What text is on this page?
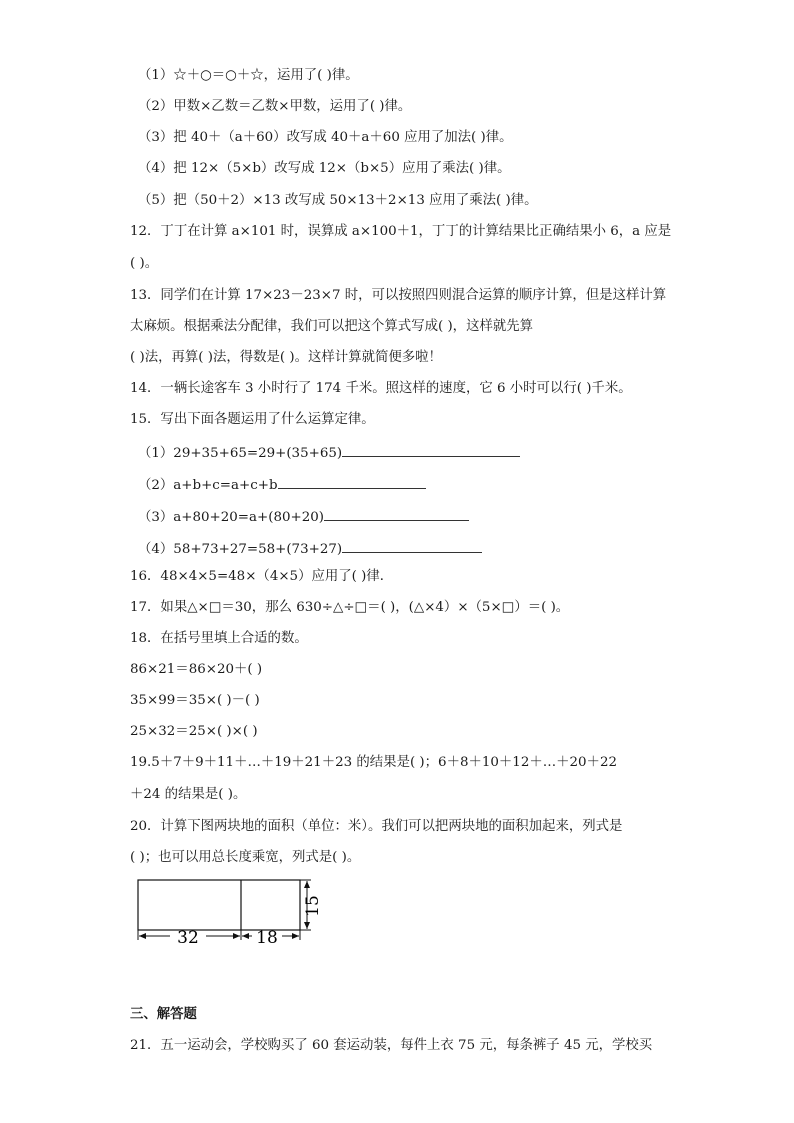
（1）☆＋○＝○＋☆，运用了( )律。
（2）甲数×乙数＝乙数×甲数，运用了( )律。
（3）把 40＋（a＋60）改写成 40＋a＋60 应用了加法( )律。
（4）把 12×（5×b）改写成 12×（b×5）应用了乘法( )律。
（5）把（50＋2）×13 改写成 50×13＋2×13 应用了乘法( )律。
12．丁丁在计算 a×101 时，误算成 a×100＋1，丁丁的计算结果比正确结果小 6，a 应是
( )。
13．同学们在计算 17×23－23×7 时，可以按照四则混合运算的顺序计算，但是这样计算
太麻烦。根据乘法分配律，我们可以把这个算式写成( )，这样就先算
( )法，再算( )法，得数是( )。这样计算就简便多啦！
14．一辆长途客车 3 小时行了 174 千米。照这样的速度，它 6 小时可以行( )千米。
15．写出下面各题运用了什么运算定律。
（1）29+35+65=29+(35+65)
（2）a+b+c=a+c+b
（3）a+80+20=a+(80+20)
（4）58+73+27=58+(73+27)
16．48×4×5=48×（4×5）应用了( )律．
17．如果△×□＝30，那么 630÷△÷□＝( )，(△×4）×（5×□）＝( )。
18．在括号里填上合适的数。
86×21＝86×20＋( )
35×99＝35×( )－( )
25×32＝25×( )×( )
19.5＋7＋9＋11＋…＋19＋21＋23 的结果是( )；6＋8＋10＋12＋…＋20＋22
＋24 的结果是( )。
20．计算下图两块地的面积（单位：米）。我们可以把两块地的面积加起来，列式是
( )；也可以用总长度乘宽，列式是( )。
32	18
15
三、解答题
21．五一运动会，学校购买了 60 套运动装，每件上衣 75 元，每条裤子 45 元，学校买
